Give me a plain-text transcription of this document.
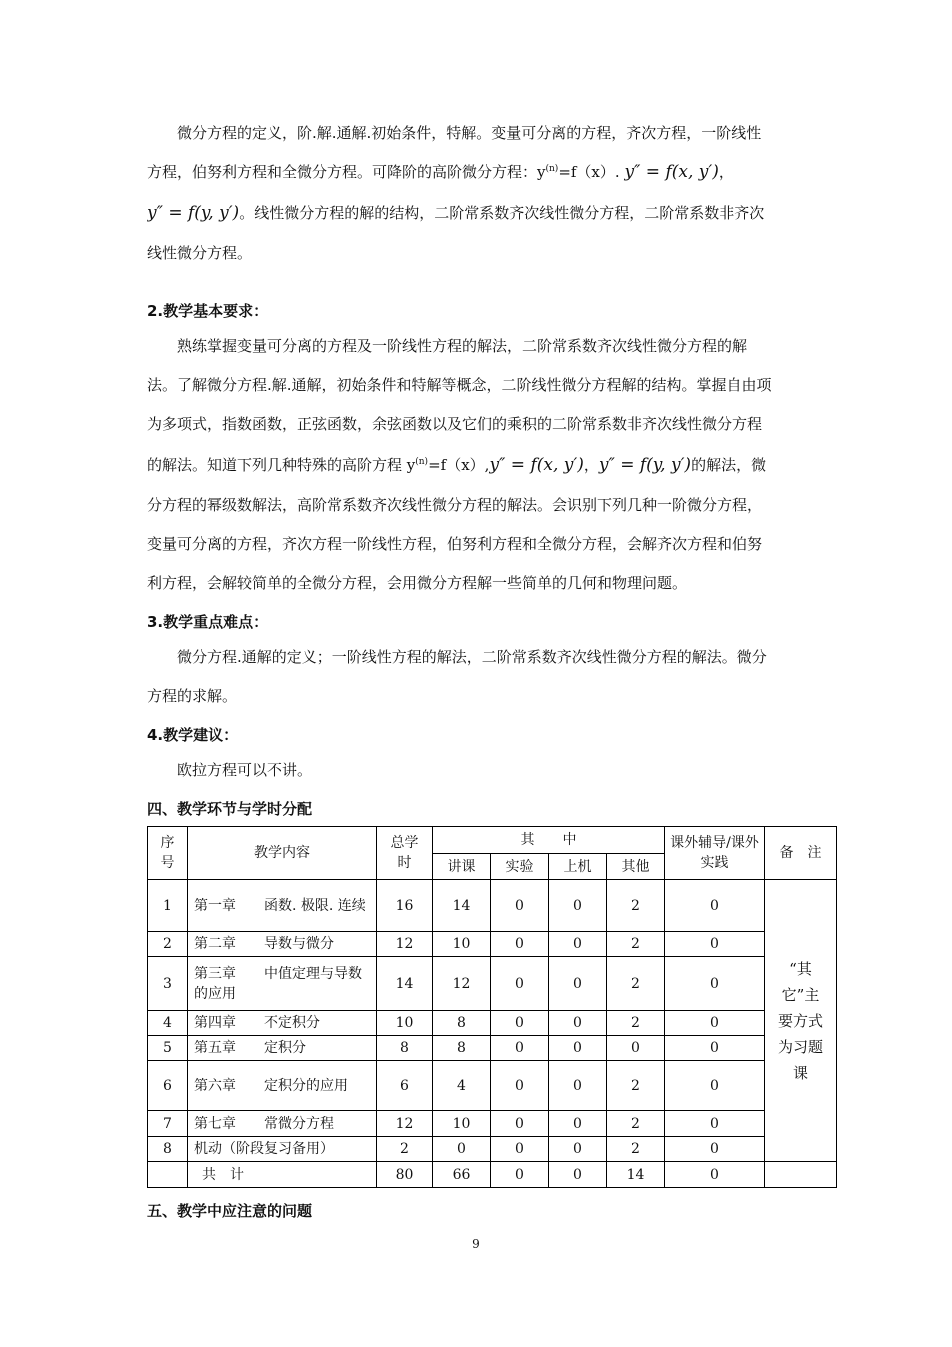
微分方程的定义，阶.解.通解.初始条件，特解。变量可分离的方程，齐次方程，一阶线性
方程，伯努利方程和全微分方程。可降阶的高阶微分方程：$y^{(n)}=f(x)$. y″ = f(x, y′)，
y″ = f(y, y′)。线性微分方程的解的结构，二阶常系数齐次线性微分方程，二阶常系数非齐次
线性微分方程。
2.教学基本要求：
熟练掌握变量可分离的方程及一阶线性方程的解法，二阶常系数齐次线性微分方程的解
法。了解微分方程.解.通解，初始条件和特解等概念，二阶线性微分方程解的结构。掌握自由项
为多项式，指数函数，正弦函数，余弦函数以及它们的乘积的二阶常系数非齐次线性微分方程
的解法。知道下列几种特殊的高阶方程 $y^{(n)}=f(x),y'' = f(x$, y′)，y″ = f(y, y′)的解法，微
分方程的幂级数解法，高阶常系数齐次线性微分方程的解法。会识别下列几种一阶微分方程，
变量可分离的方程，齐次方程一阶线性方程，伯努利方程和全微分方程，会解齐次方程和伯努
利方程，会解较简单的全微分方程，会用微分方程解一些简单的几何和物理问题。
3.教学重点难点：
微分方程.通解的定义；一阶线性方程的解法，二阶常系数齐次线性微分方程的解法。微分
方程的求解。
4.教学建议：
欧拉方程可以不讲。
四、教学环节与学时分配
序号	教学内容	总学时	其　　中				课外辅导/课外实践	备　注
			讲课	实验	上机	其他		
1	第一章　　函数. 极限. 连续	16	14	0	0	2	0	“其它”主要方式为习题课
2	第二章　　导数与微分	12	10	0	0	2	0	
3	第三章　　中值定理与导数的应用	14	12	0	0	2	0	
4	第四章　　不定积分	10	8	0	0	2	0	
5	第五章　　定积分	8	8	0	0	0	0	
6	第六章　　定积分的应用	6	4	0	0	2	0	
7	第七章　　常微分方程	12	10	0	0	2	0	
8	机动（阶段复习备用）	2	0	0	0	2	0	
	共　计	80	66	0	0	14	0	
五、教学中应注意的问题
9
